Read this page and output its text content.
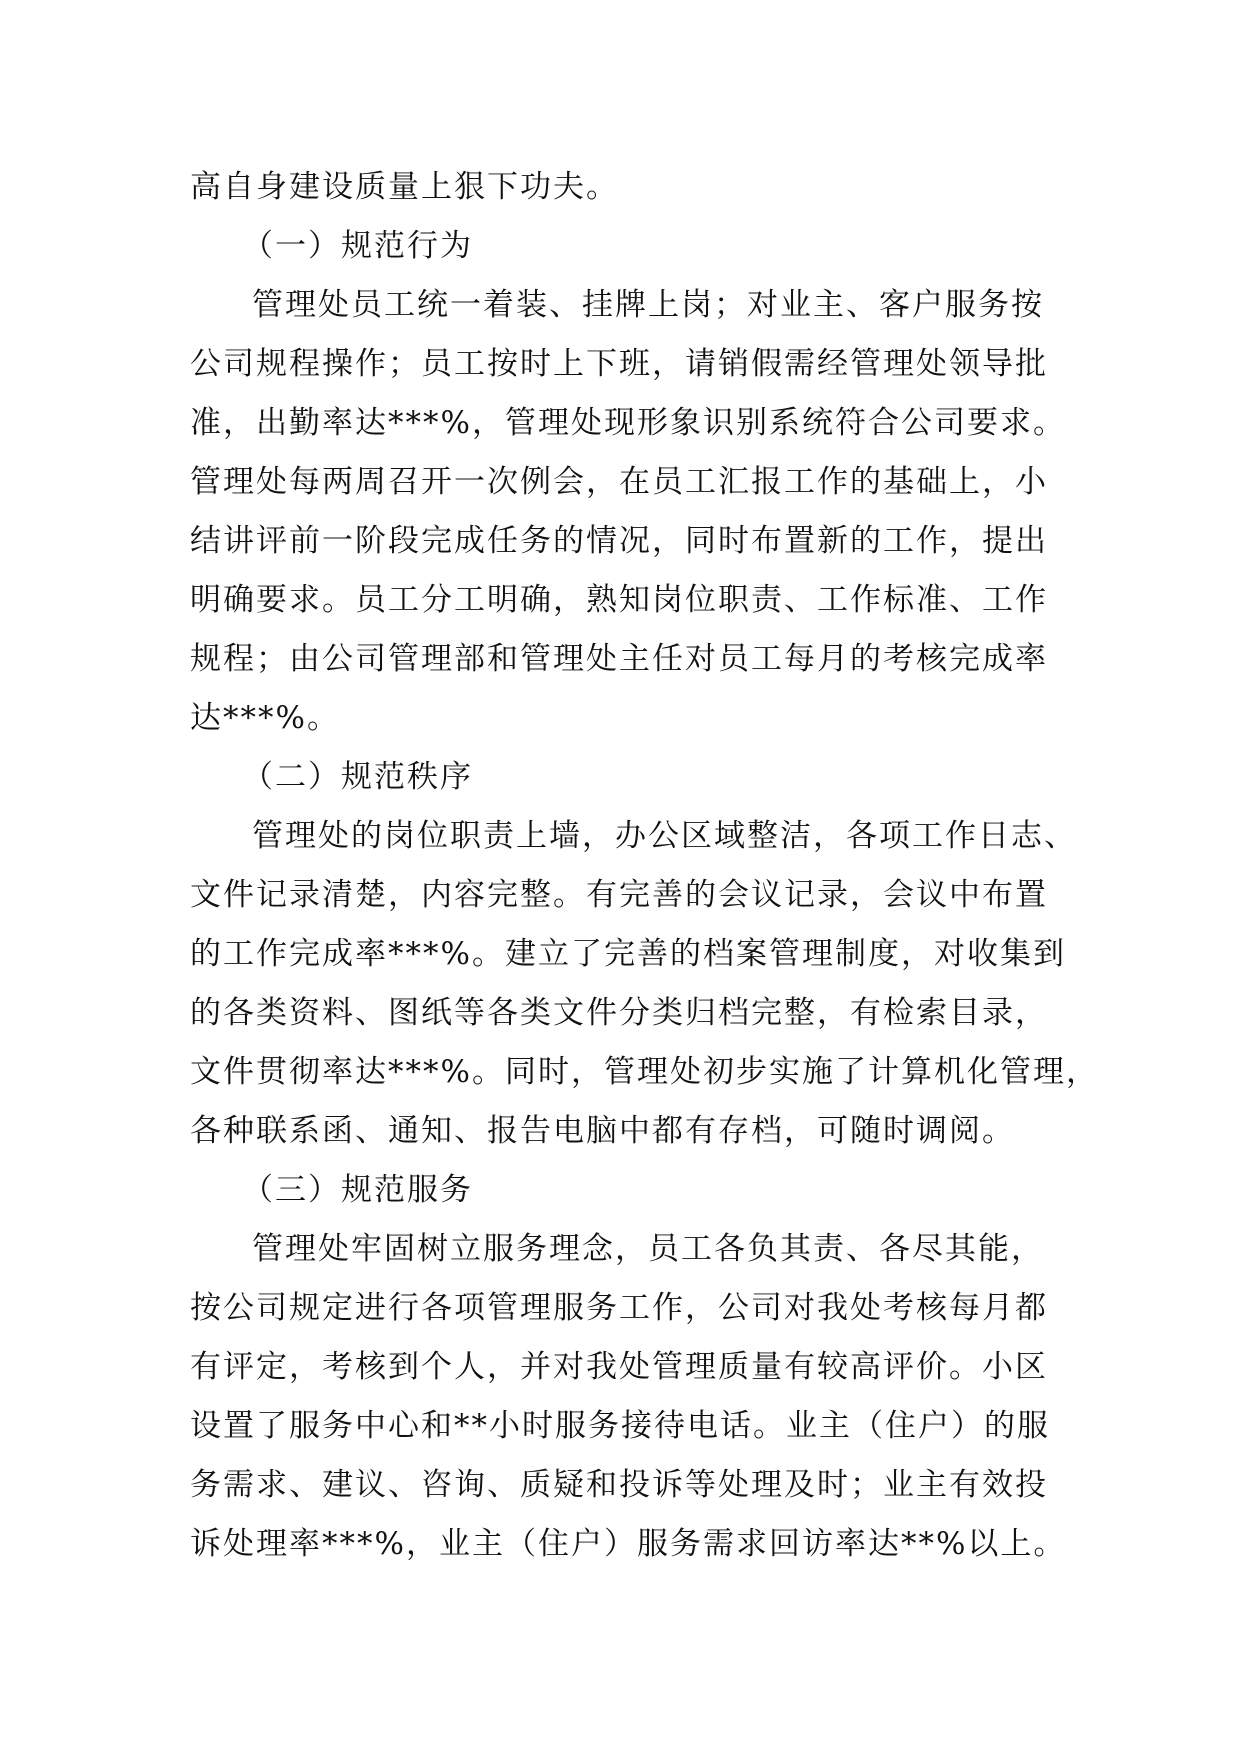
高自身建设质量上狠下功夫。
（一）规范行为
管理处员工统一着装、挂牌上岗；对业主、客户服务按
公司规程操作；员工按时上下班，请销假需经管理处领导批
准，出勤率达***%，管理处现形象识别系统符合公司要求。
管理处每两周召开一次例会，在员工汇报工作的基础上，小
结讲评前一阶段完成任务的情况，同时布置新的工作，提出
明确要求。员工分工明确，熟知岗位职责、工作标准、工作
规程；由公司管理部和管理处主任对员工每月的考核完成率
达***%。
（二）规范秩序
管理处的岗位职责上墙，办公区域整洁，各项工作日志、
文件记录清楚，内容完整。有完善的会议记录，会议中布置
的工作完成率***%。建立了完善的档案管理制度，对收集到
的各类资料、图纸等各类文件分类归档完整，有检索目录，
文件贯彻率达***%。同时，管理处初步实施了计算机化管理，
各种联系函、通知、报告电脑中都有存档，可随时调阅。
（三）规范服务
管理处牢固树立服务理念，员工各负其责、各尽其能，
按公司规定进行各项管理服务工作，公司对我处考核每月都
有评定，考核到个人，并对我处管理质量有较高评价。小区
设置了服务中心和**小时服务接待电话。业主（住户）的服
务需求、建议、咨询、质疑和投诉等处理及时；业主有效投
诉处理率***%，业主（住户）服务需求回访率达**%以上。
